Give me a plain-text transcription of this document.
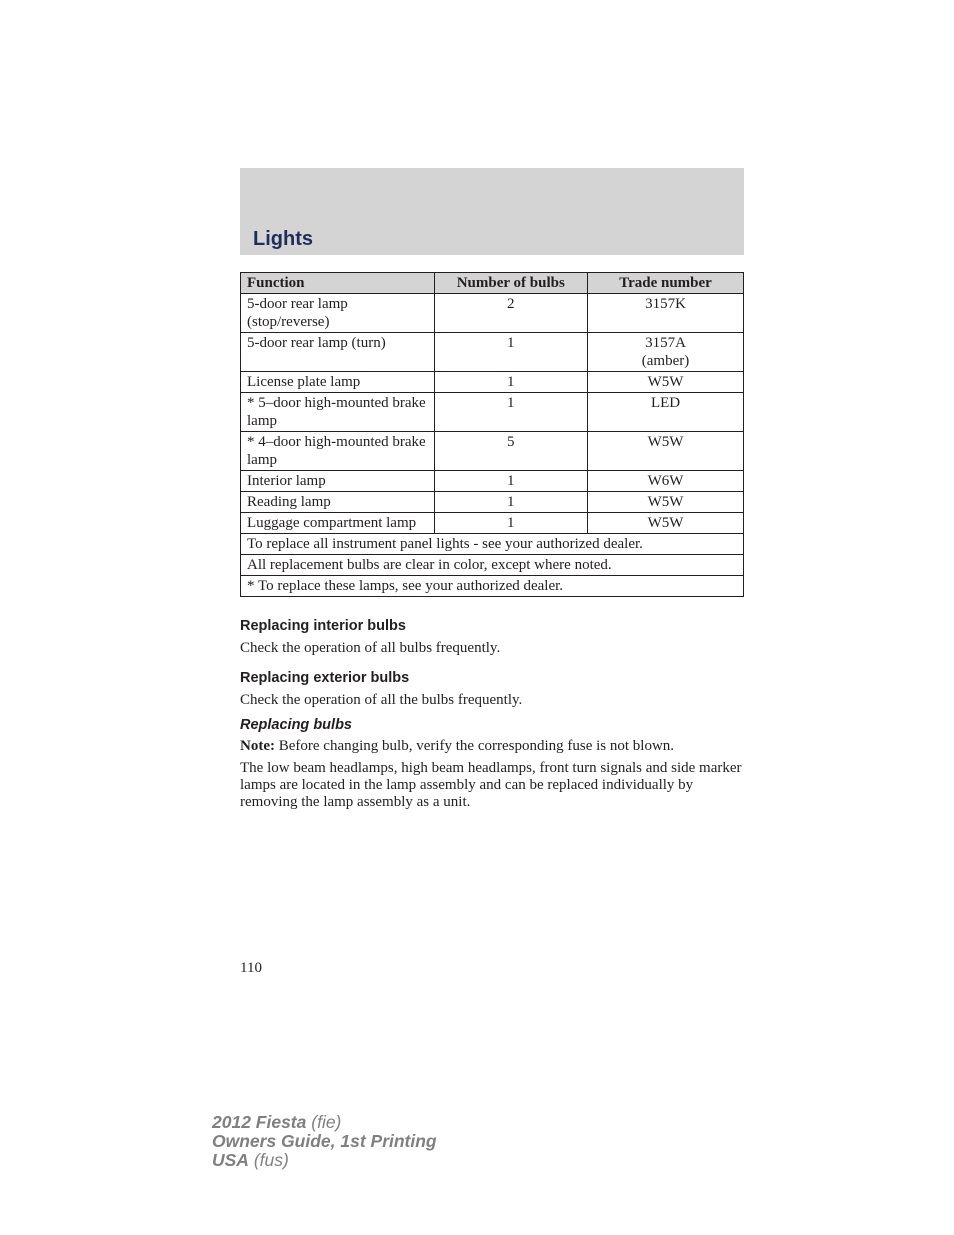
Lights
Function	Number of bulbs	Trade number
5-door rear lamp (stop/reverse)	2	3157K
5-door rear lamp (turn)	1	3157A (amber)
License plate lamp	1	W5W
* 5–door high-mounted brake lamp	1	LED
* 4–door high-mounted brake lamp	5	W5W
Interior lamp	1	W6W
Reading lamp	1	W5W
Luggage compartment lamp	1	W5W
To replace all instrument panel lights - see your authorized dealer.		
All replacement bulbs are clear in color, except where noted.		
* To replace these lamps, see your authorized dealer.		
Replacing interior bulbs

Check the operation of all bulbs frequently.

Replacing exterior bulbs

Check the operation of all the bulbs frequently.

Replacing bulbs

Note: Before changing bulb, verify the corresponding fuse is not blown.

The low beam headlamps, high beam headlamps, front turn signals and side marker lamps are located in the lamp assembly and can be replaced individually by removing the lamp assembly as a unit.

110
2012 Fiesta (fie)
Owners Guide, 1st Printing
USA (fus)
